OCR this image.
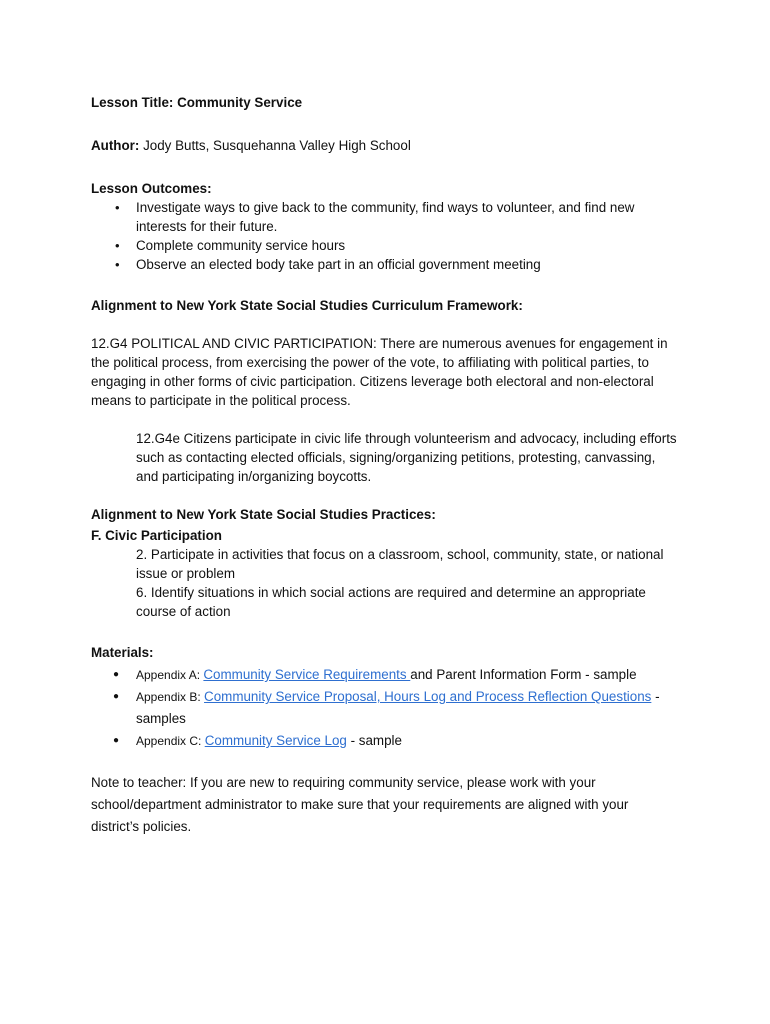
Lesson Title: Community Service

Author: Jody Butts, Susquehanna Valley High School

Lesson Outcomes:

• Investigate ways to give back to the community, find ways to volunteer, and find new interests for their future.
• Complete community service hours
• Observe an elected body take part in an official government meeting

Alignment to New York State Social Studies Curriculum Framework:

12.G4 POLITICAL AND CIVIC PARTICIPATION: There are numerous avenues for engagement in the political process, from exercising the power of the vote, to affiliating with political parties, to engaging in other forms of civic participation. Citizens leverage both electoral and non-electoral means to participate in the political process.

12.G4e Citizens participate in civic life through volunteerism and advocacy, including efforts such as contacting elected officials, signing/organizing petitions, protesting, canvassing, and participating in/organizing boycotts.

Alignment to New York State Social Studies Practices:

F. Civic Participation

2. Participate in activities that focus on a classroom, school, community, state, or national issue or problem

6. Identify situations in which social actions are required and determine an appropriate course of action

Materials:

● Appendix A: Community Service Requirements and Parent Information Form - sample
● Appendix B: Community Service Proposal, Hours Log and Process Reflection Questions - samples
● Appendix C: Community Service Log - sample

Note to teacher: If you are new to requiring community service, please work with your school/department administrator to make sure that your requirements are aligned with your district’s policies.
